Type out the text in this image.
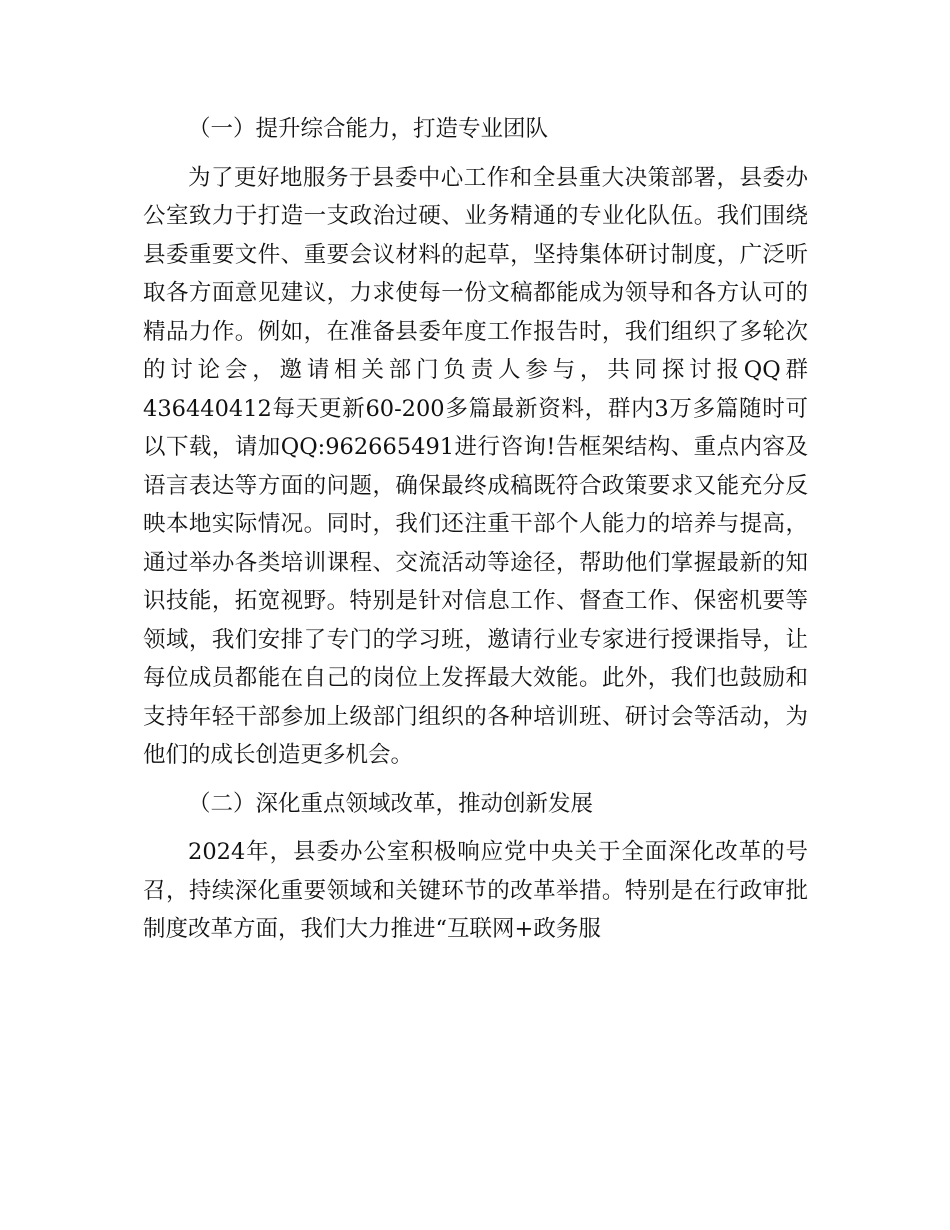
（一）提升综合能力，打造专业团队
为了更好地服务于县委中心工作和全县重大决策部署，县委办公室致力于打造一支政治过硬、业务精通的专业化队伍。我们围绕县委重要文件、重要会议材料的起草，坚持集体研讨制度，广泛听取各方面意见建议，力求使每一份文稿都能成为领导和各方认可的精品力作。例如，在准备县委年度工作报告时，我们组织了多轮次的讨论会，邀请相关部门负责人参与，共同探讨报QQ群436440412每天更新60-200多篇最新资料，群内3万多篇随时可以下载，请加QQ:962665491进行咨询!告框架结构、重点内容及语言表达等方面的问题，确保最终成稿既符合政策要求又能充分反映本地实际情况。同时，我们还注重干部个人能力的培养与提高，通过举办各类培训课程、交流活动等途径，帮助他们掌握最新的知识技能，拓宽视野。特别是针对信息工作、督查工作、保密机要等领域，我们安排了专门的学习班，邀请行业专家进行授课指导，让每位成员都能在自己的岗位上发挥最大效能。此外，我们也鼓励和支持年轻干部参加上级部门组织的各种培训班、研讨会等活动，为他们的成长创造更多机会。
（二）深化重点领域改革，推动创新发展
2024年，县委办公室积极响应党中央关于全面深化改革的号召，持续深化重要领域和关键环节的改革举措。特别是在行政审批制度改革方面，我们大力推进“互联网+政务服
